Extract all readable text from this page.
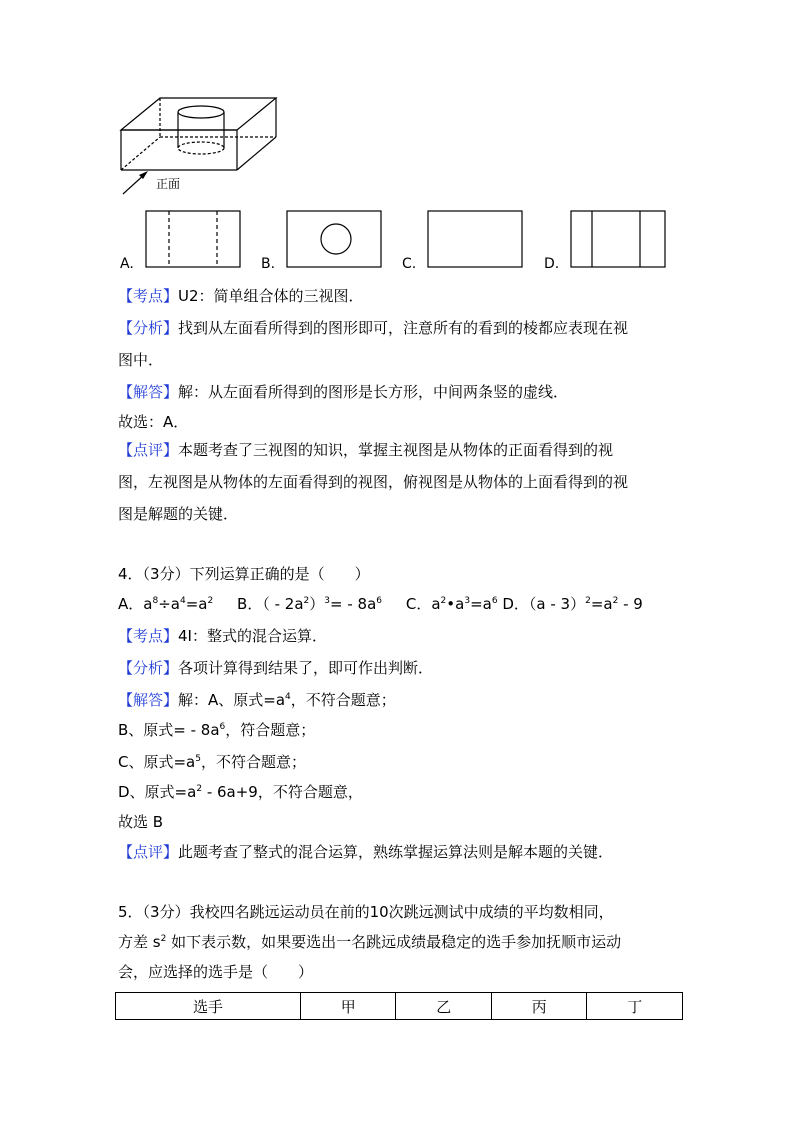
正面
A.	B.	C.	D.
【考点】U2：简单组合体的三视图．
【分析】找到从左面看所得到的图形即可，注意所有的看到的棱都应表现在视
图中．
【解答】解：从左面看所得到的图形是长方形，中间两条竖的虚线．
故选：A．
【点评】本题考查了三视图的知识，掌握主视图是从物体的正面看得到的视
图，左视图是从物体的左面看得到的视图，俯视图是从物体的上面看得到的视
图是解题的关键．
4．（3分）下列运算正确的是（　　）
A．$a^8\div a^4=a^2$ B．（ - $2a^2)^3= - 8a^6$ C．$a^2•a^3=a^6$ D．$(a - 3)^2=a^2 - 9$
【考点】4I：整式的混合运算．
【分析】各项计算得到结果了，即可作出判断．
【解答】解：A、原式$=a^4$，不符合题意；
B、原式= - $8a^6$，符合题意；
C、原式$=a^5$，不符合题意；
D、原式$=a^2 - 6a+9$，不符合题意，
故选 B
【点评】此题考查了整式的混合运算，熟练掌握运算法则是解本题的关键．
5．（3分）我校四名跳远运动员在前的10次跳远测试中成绩的平均数相同，
方差 $s^2$ 如下表示数，如果要选出一名跳远成绩最稳定的选手参加抚顺市运动
会，应选择的选手是（　　）
选手	甲	乙	丙	丁
